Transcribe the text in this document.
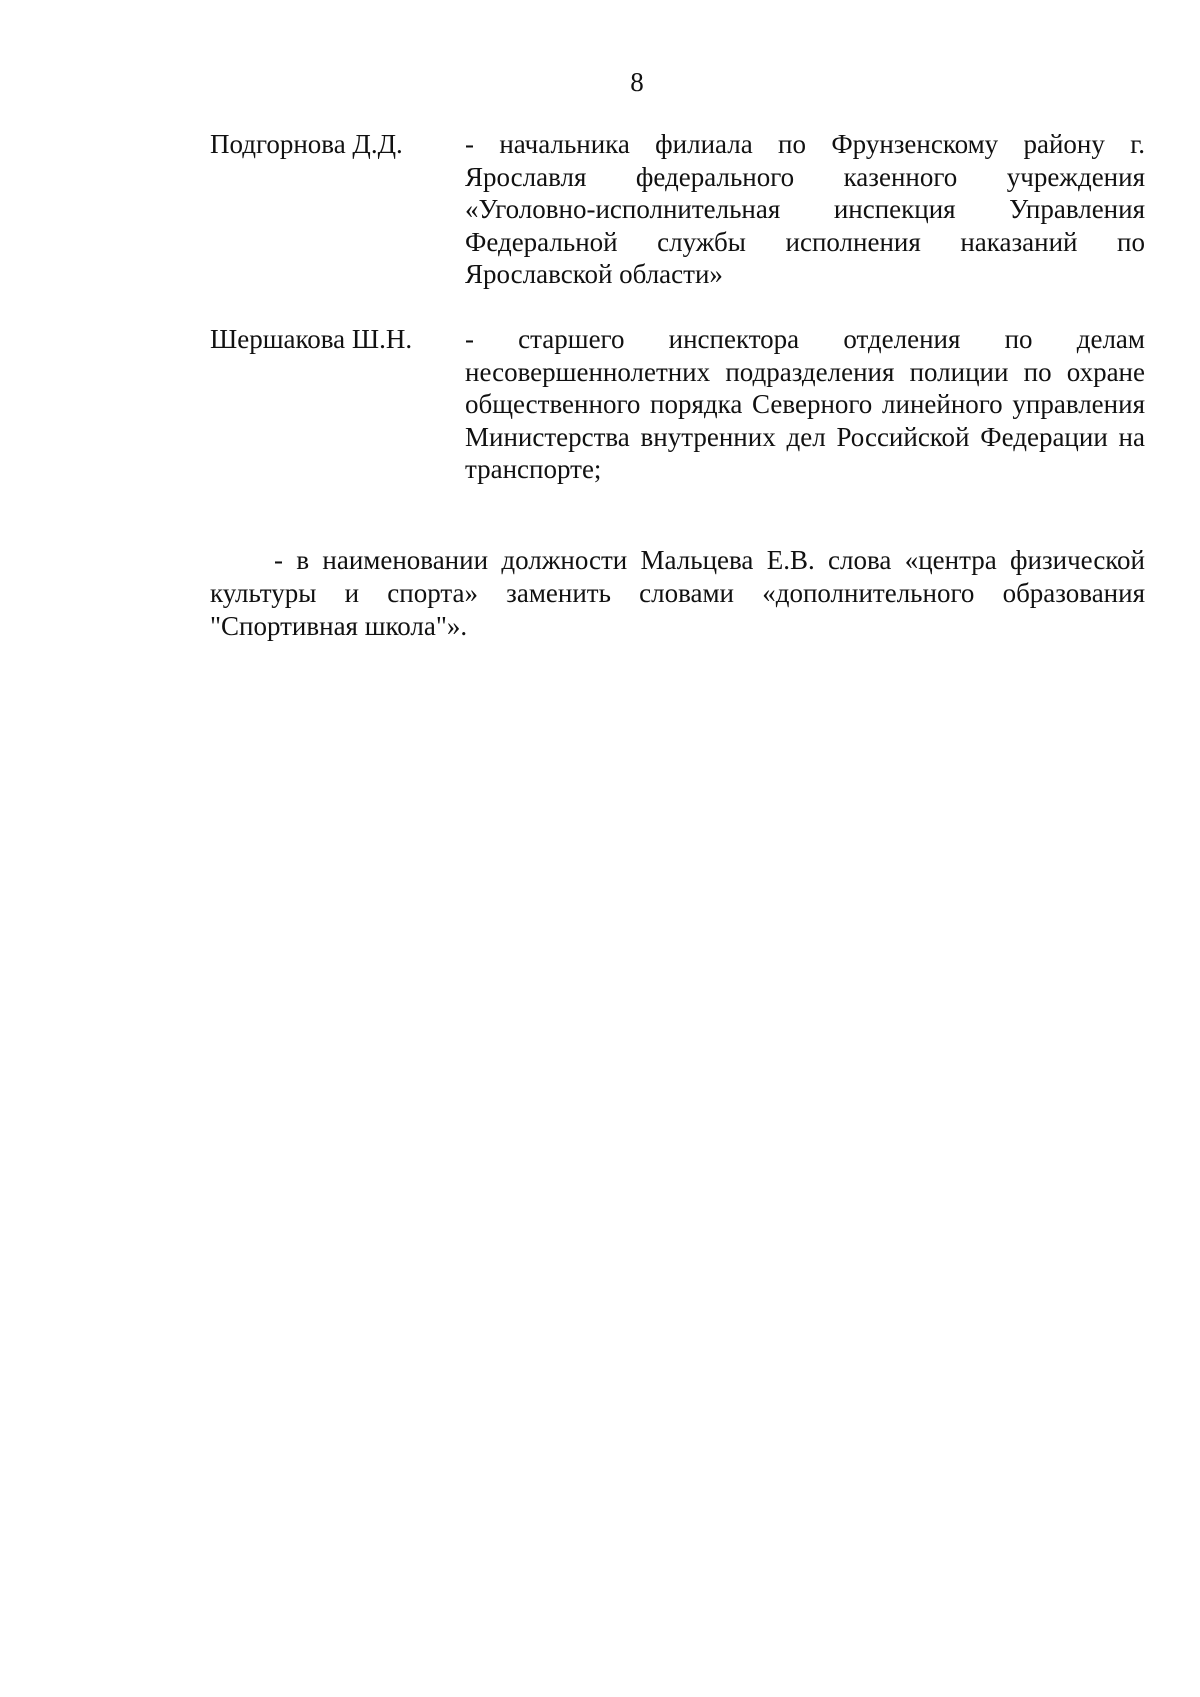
8
Подгорнова Д.Д. - начальника филиала по Фрунзенскому району г. Ярославля федерального казенного учреждения «Уголовно-исполнительная инспекция Управления Федеральной службы исполнения наказаний по Ярославской области»
Шершакова Ш.Н. - старшего инспектора отделения по делам несовершеннолетних подразделения полиции по охране общественного порядка Северного линейного управления Министерства внутренних дел Российской Федерации на транспорте;

- в наименовании должности Мальцева Е.В. слова «центра физической культуры и спорта» заменить словами «дополнительного образования "Спортивная школа"».
